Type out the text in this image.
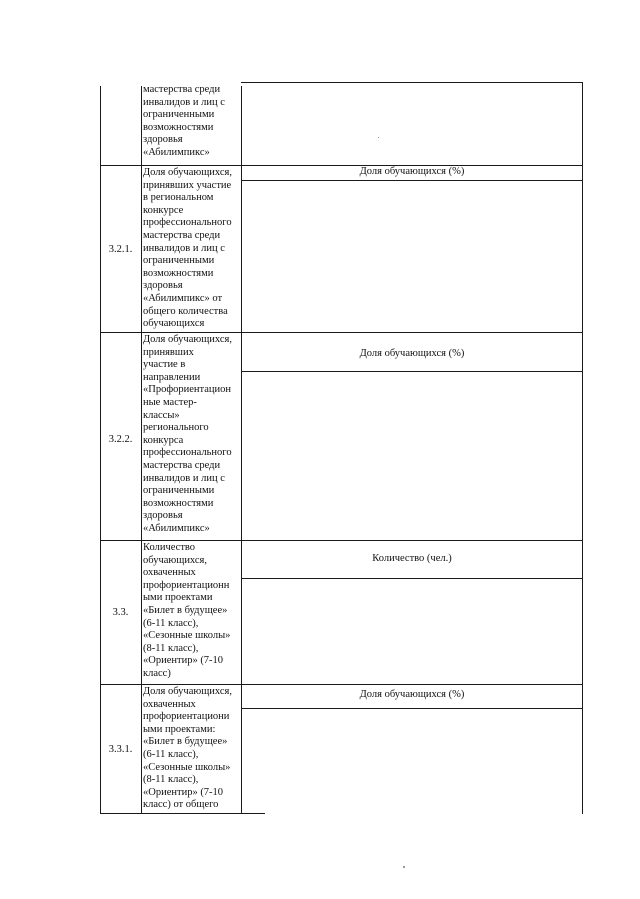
мастерства среди
инвалидов и лиц с
ограниченными
возможностями
здоровья
«Абилимпикс»
3.2.1.
Доля обучающихся,
принявших участие
в региональном
конкурсе
профессионального
мастерства среди
инвалидов и лиц с
ограниченными
возможностями
здоровья
«Абилимпикс» от
общего количества
обучающихся
Доля обучающихся (%)
3.2.2.
Доля обучающихся,
принявших
участие в
направлении
«Профориентацион
ные мастер-
классы»
регионального
конкурса
профессионального
мастерства среди
инвалидов и лиц с
ограниченными
возможностями
здоровья
«Абилимпикс»
Доля обучающихся (%)
3.3.
Количество
обучающихся,
охваченных
профориентационн
ыми проектами
«Билет в будущее»
(6-11 класс),
«Сезонные школы»
(8-11 класс),
«Ориентир» (7-10
класс)
Количество (чел.)
3.3.1.
Доля обучающихся,
охваченных
профориентациони
ыми проектами:
«Билет в будущее»
(6-11 класс),
«Сезонные школы»
(8-11 класс),
«Ориентир» (7-10
класс) от общего
Доля обучающихся (%)
